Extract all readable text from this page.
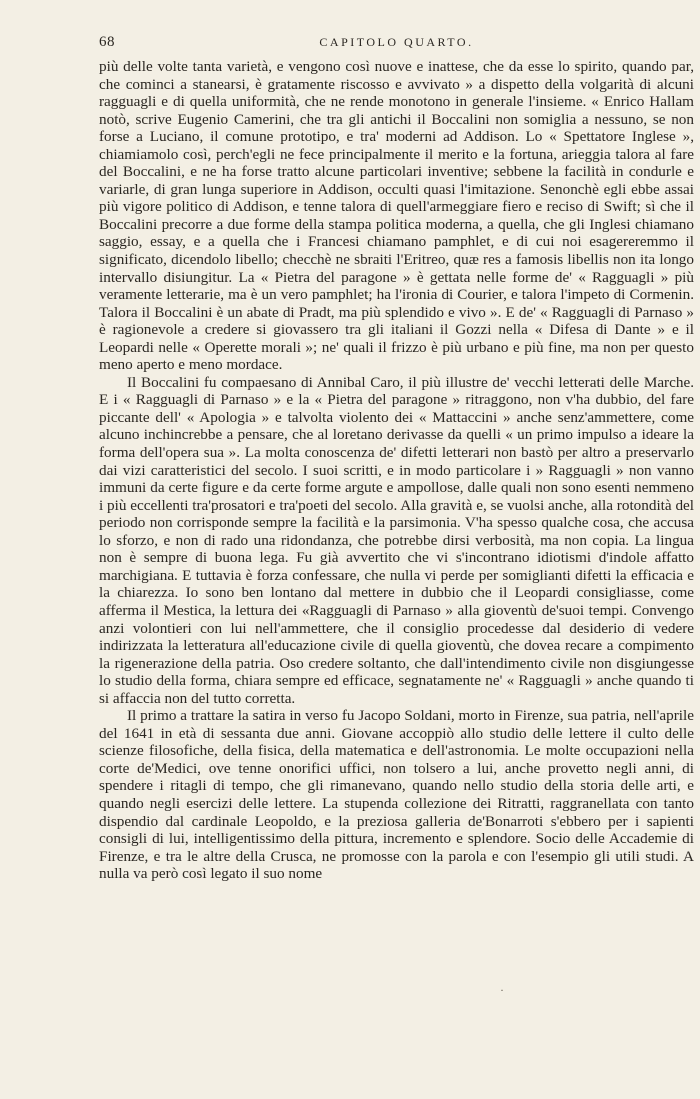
68	CAPITOLO QUARTO.

più delle volte tanta varietà, e vengono così nuove e inattese, che da esse lo spirito, quando par, che cominci a stanearsi, è gratamente riscosso e avvivato » a dispetto della volgarità di alcuni ragguagli e di quella uniformità, che ne rende monotono in generale l'insieme. « Enrico Hallam notò, scrive Eugenio Camerini, che tra gli antichi il Boccalini non somiglia a nessuno, se non forse a Luciano, il comune prototipo, e tra' moderni ad Addison. Lo « Spettatore Inglese », chiamiamolo così, perch'egli ne fece principalmente il merito e la fortuna, arieggia talora al fare del Boccalini, e ne ha forse tratto alcune particolari inventive; sebbene la facilità in condurle e variarle, di gran lunga superiore in Addison, occulti quasi l'imitazione. Senonchè egli ebbe assai più vigore politico di Addison, e tenne talora di quell'armeggiare fiero e reciso di Swift; sì che il Boccalini precorre a due forme della stampa politica moderna, a quella, che gli Inglesi chiamano saggio, essay, e a quella che i Francesi chiamano pamphlet, e di cui noi esagereremmo il significato, dicendolo libello; checchè ne sbraiti l'Eritreo, quæ res a famosis libellis non ita longo intervallo disiungitur. La « Pietra del paragone » è gettata nelle forme de' « Ragguagli » più veramente letterarie, ma è un vero pamphlet; ha l'ironia di Courier, e talora l'impeto di Cormenin. Talora il Boccalini è un abate di Pradt, ma più splendido e vivo ». E de' « Ragguagli di Parnaso » è ragionevole a credere si giovassero tra gli italiani il Gozzi nella « Difesa di Dante » e il Leopardi nelle « Operette morali »; ne' quali il frizzo è più urbano e più fine, ma non per questo meno aperto e meno mordace.

Il Boccalini fu compaesano di Annibal Caro, il più illustre de' vecchi letterati delle Marche. E i « Ragguagli di Parnaso » e la « Pietra del paragone » ritraggono, non v'ha dubbio, del fare piccante dell' « Apologia » e talvolta violento dei « Mattaccini » anche senz'ammettere, come alcuno inchincrebbe a pensare, che al loretano derivasse da quelli « un primo impulso a ideare la forma dell'opera sua ». La molta conoscenza de' difetti letterari non bastò per altro a preservarlo dai vizi caratteristici del secolo. I suoi scritti, e in modo particolare i » Ragguagli » non vanno immuni da certe figure e da certe forme argute e ampollose, dalle quali non sono esenti nemmeno i più eccellenti tra'prosatori e tra'poeti del secolo. Alla gravità e, se vuolsi anche, alla rotondità del periodo non corrisponde sempre la facilità e la parsimonia. V'ha spesso qualche cosa, che accusa lo sforzo, e non di rado una ridondanza, che potrebbe dirsi verbosità, ma non copia. La lingua non è sempre di buona lega. Fu già avvertito che vi s'incontrano idiotismi d'indole affatto marchigiana. E tuttavia è forza confessare, che nulla vi perde per somiglianti difetti la efficacia e la chiarezza. Io sono ben lontano dal mettere in dubbio che il Leopardi consigliasse, come afferma il Mestica, la lettura dei «Ragguagli di Parnaso » alla gioventù de'suoi tempi. Convengo anzi volontieri con lui nell'ammettere, che il consiglio procedesse dal desiderio di vedere indirizzata la letteratura all'educazione civile di quella gioventù, che dovea recare a compimento la rigenerazione della patria. Oso credere soltanto, che dall'intendimento civile non disgiungesse lo studio della forma, chiara sempre ed efficace, segnatamente ne' « Ragguagli » anche quando ti si affaccia non del tutto corretta.

Il primo a trattare la satira in verso fu Jacopo Soldani, morto in Firenze, sua patria, nell'aprile del 1641 in età di sessanta due anni. Giovane accoppiò allo studio delle lettere il culto delle scienze filosofiche, della fisica, della matematica e dell'astronomia. Le molte occupazioni nella corte de'Medici, ove tenne onorifici uffici, non tolsero a lui, anche provetto negli anni, di spendere i ritagli di tempo, che gli rimanevano, quando nello studio della storia delle arti, e quando negli esercizi delle lettere. La stupenda collezione dei Ritratti, raggranellata con tanto dispendio dal cardinale Leopoldo, e la preziosa galleria de'Bonarroti s'ebbero per i sapienti consigli di lui, intelligentissimo della pittura, incremento e splendore. Socio delle Accademie di Firenze, e tra le altre della Crusca, ne promosse con la parola e con l'esempio gli utili studi. A nulla va però così legato il suo nome

·
